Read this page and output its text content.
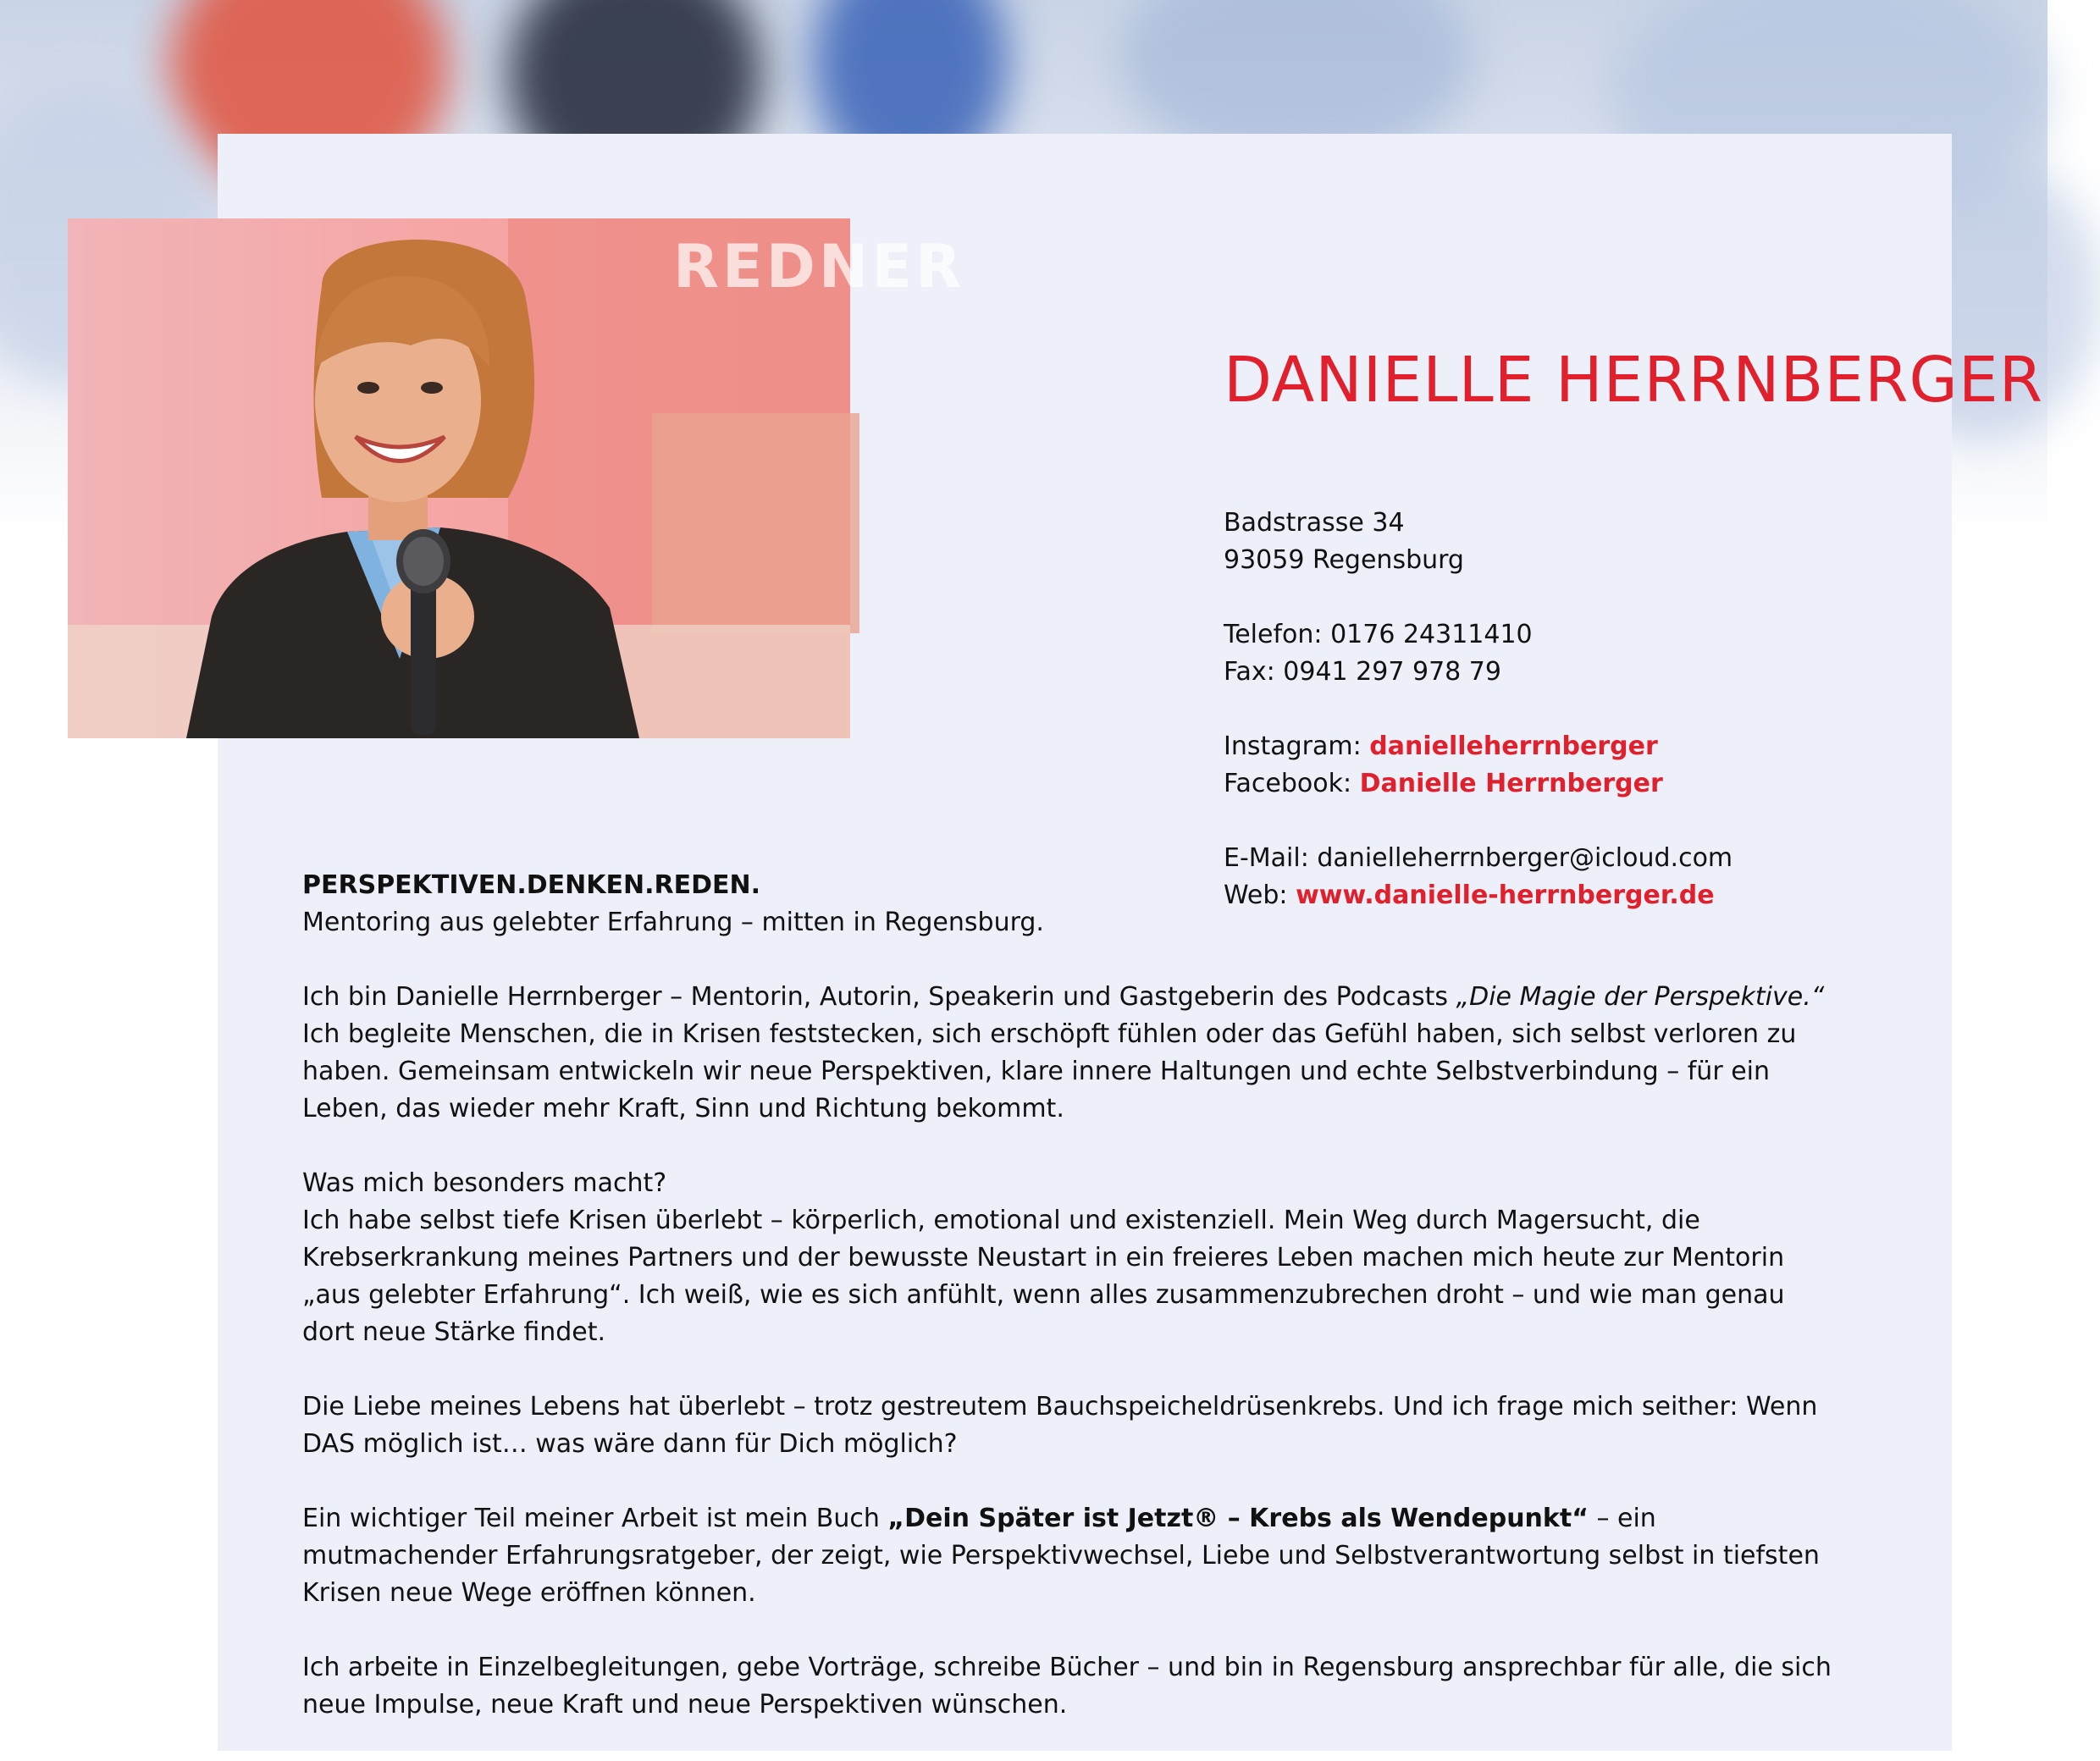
DANIELLE HERRNBERGER
Badstrasse 34
93059 Regensburg
Telefon: 0176 24311410
Fax: 0941 297 978 79
Instagram: danielleherrnberger
Facebook: Danielle Herrnberger
E-Mail: danielleherrnberger@icloud.com
Web: www.danielle-herrnberger.de

PERSPEKTIVEN.DENKEN.REDEN.
Mentoring aus gelebter Erfahrung – mitten in Regensburg.

Ich bin Danielle Herrnberger – Mentorin, Autorin, Speakerin und Gastgeberin des Podcasts „Die Magie der Perspektive.“
Ich begleite Menschen, die in Krisen feststecken, sich erschöpft fühlen oder das Gefühl haben, sich selbst verloren zu haben. Gemeinsam entwickeln wir neue Perspektiven, klare innere Haltungen und echte Selbstverbindung – für ein Leben, das wieder mehr Kraft, Sinn und Richtung bekommt.

Was mich besonders macht?
Ich habe selbst tiefe Krisen überlebt – körperlich, emotional und existenziell. Mein Weg durch Magersucht, die Krebserkrankung meines Partners und der bewusste Neustart in ein freieres Leben machen mich heute zur Mentorin „aus gelebter Erfahrung“. Ich weiß, wie es sich anfühlt, wenn alles zusammenzubrechen droht – und wie man genau dort neue Stärke findet.

Die Liebe meines Lebens hat überlebt – trotz gestreutem Bauchspeicheldrüsenkrebs. Und ich frage mich seither: Wenn DAS möglich ist… was wäre dann für Dich möglich?

Ein wichtiger Teil meiner Arbeit ist mein Buch „Dein Später ist Jetzt® – Krebs als Wendepunkt“ – ein mutmachender Erfahrungsratgeber, der zeigt, wie Perspektivwechsel, Liebe und Selbstverantwortung selbst in tiefsten Krisen neue Wege eröffnen können.

Ich arbeite in Einzelbegleitungen, gebe Vorträge, schreibe Bücher – und bin in Regensburg ansprechbar für alle, die sich neue Impulse, neue Kraft und neue Perspektiven wünschen.

REDNER
